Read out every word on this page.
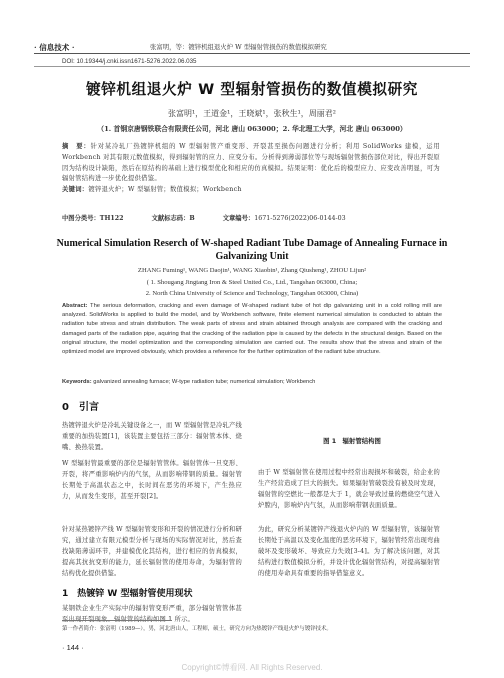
· 信息技术 ·	张富明，等：镀锌机组退火炉 W 型辐射管损伤的数值模拟研究
DOI: 10.19344/j.cnki.issn1671-5276.2022.06.035
镀锌机组退火炉 W 型辐射管损伤的数值模拟研究
张富明¹，王道金¹，王晓斌¹，张秋生¹，周丽君²
（1. 首钢京唐钢铁联合有限责任公司，河北 唐山 063000；2. 华北理工大学，河北 唐山 063000）
摘　要：针对某冷轧厂热镀锌机组的 W 型辐射管产重变形、开裂甚至损伤问题进行分析；利用 SolidWorks 建模，运用 Workbench 对其有限元数值模拟，得到辐射管的应力、应变分布。分析得到薄弱部位等与现场辐射管损伤部位对比，得出开裂原因为结构设计缺陷，然后在原结构的基础上进行模型优化和相应的仿真模拟。结果证明：优化后的模型应力、应变改善明显，可为辐射管结构进一步优化提供借鉴。
关键词：镀锌退火炉；W 型辐射管；数值模拟；Workbench
中图分类号：TH122	文献标志码：B	文章编号：1671-5276(2022)06-0144-03
Numerical Simulation Reserch of W-shaped Radiant Tube Damage of Annealing Furnace in Galvanizing Unit
ZHANG Fuming¹, WANG Daojin¹, WANG Xiaobin¹, Zhang Qiusheng¹, ZHOU Lijun²
( 1. Shougang Jingtang Iron & Steel United Co., Ltd., Tangshan 063000, China;
2. North China University of Science and Technology, Tangshan 063000, China)
Abstract: The serious deformation, cracking and even damage of W-shaped radiant tube of hot dip galvanizing unit in a cold rolling mill are analyzed. SolidWorks is applied to build the model, and by Workbench software, finite element numerical simulation is conducted to abtain the radiation tube stress and strain distribution. The weak parts of stress and strain abtained through analysis are compared with the cracking and damaged parts of the radiation pipe, aquiring that the cracking of the radiation pipe is caused by the defects in the structural design. Based on the original structure, the model optimization and the corresponding simulation are carried out. The results show that the stress and strain of the optimized model are improved obviously, which provides a reference for the further optimization of the radiant tube structure.
Keywords: galvanized annealing furnace; W-type radiation tube; numerical simulation; Workbench
0　引言
热镀锌退火炉是冷轧关键设备之一，而 W 型辐射管是冷轧产线重要的加热装置[1]，该装置主要包括三部分：辐射管本体、烧嘴、换热装置。
W 型辐射管最重要的部位是辐射管管体。辐射管体一旦变形、开裂，将严重影响炉内的气氛，从而影响带钢的质量。辐射管长期处于高温状态之中，长时间在恶劣的环境下，产生热应力，从而发生变形，甚至开裂[2]。
针对某热镀锌产线 W 型辐射管变形和开裂的情况进行分析和研究，通过建立有限元模型分析与现场的实际情况对比，然后查找缺陷薄弱环节，并建模优化其结构，进行相应的仿真模拟，提高其抗抗变形的能力，延长辐射管的使用寿命，为辐射管的结构优化提供借鉴。
1　热镀锌 W 型辐射管使用现状
某钢铁企业生产实际中的辐射管变形严重，部分辐射管管体甚至出现开裂现象。辐射管的结构如图 1 所示。
图 1　辐射管结构图
由于 W 型辐射管在使用过程中经常出现损坏和破裂，给企业的生产经营造成了巨大的损失。如果辐射管破裂没有被及时发现，辐射管的空燃比一般都是大于 1，就会导致过量的燃烧空气进入炉膛内，影响炉内气氛，从而影响带钢表面质量。
为此，研究分析某镀锌产线退火炉内的 W 型辐射管，该辐射管长期处于高温以及变化温度的恶劣环境下，辐射管经常出现弯曲破坏及变形破坏、导致应力失效[3-4]。为了解决该问题，对其结构进行数值模拟分析，并设计优化辐射管结构，对提高辐射管的使用寿命具有重要的指导借鉴意义。
第一作者简介：张富明（1989—），男，河北唐山人，工程师，硕士，研究方向为热镀锌产线退火炉与镀锌技术。
· 144 ·
Copyright©博看网. All Rights Reserved.
